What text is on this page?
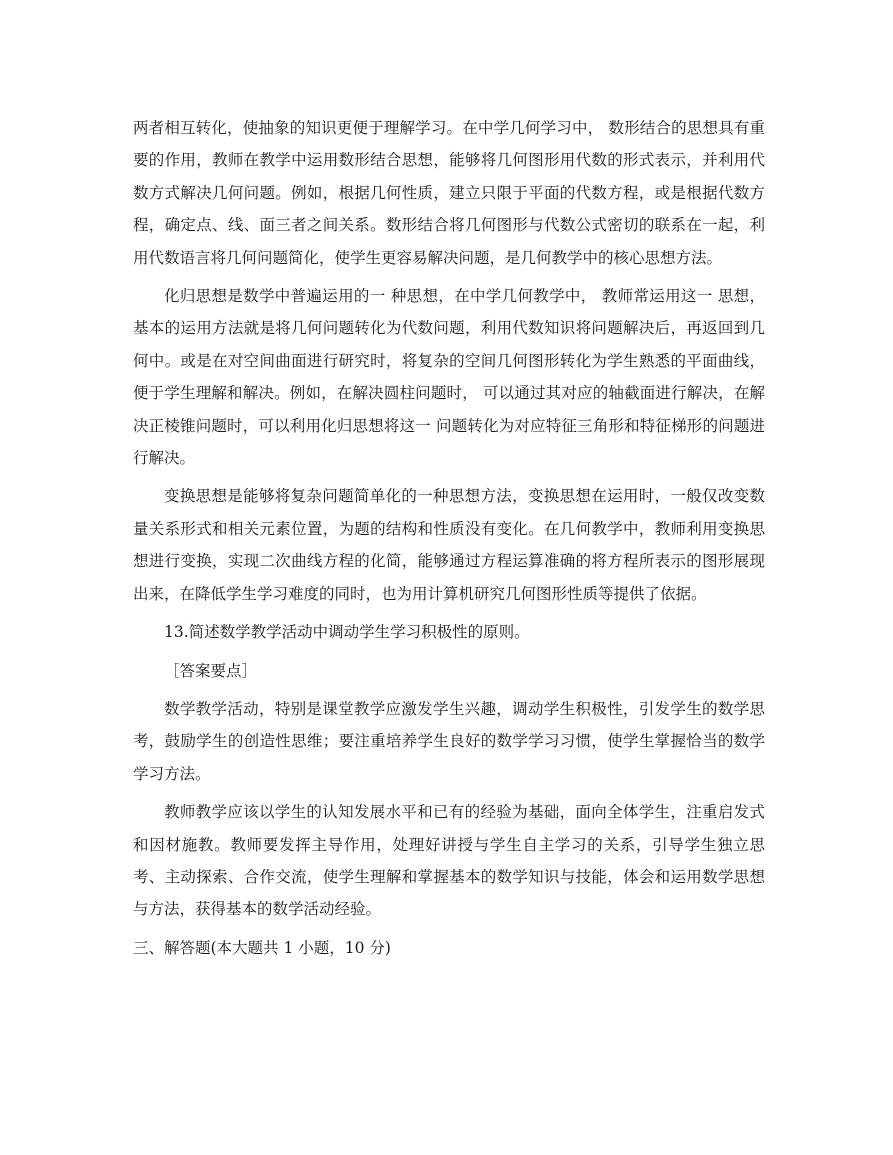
两者相互转化，使抽象的知识更便于理解学习。在中学几何学习中， 数形结合的思想具有重要的作用，教师在教学中运用数形结合思想，能够将几何图形用代数的形式表示，并利用代数方式解决几何问题。例如，根据几何性质，建立只限于平面的代数方程，或是根据代数方程，确定点、线、面三者之间关系。数形结合将几何图形与代数公式密切的联系在一起，利用代数语言将几何问题简化，使学生更容易解决问题，是几何教学中的核心思想方法。

化归思想是数学中普遍运用的一 种思想，在中学几何教学中， 教师常运用这一 思想，基本的运用方法就是将几何问题转化为代数问题，利用代数知识将问题解决后，再返回到几何中。或是在对空间曲面进行研究时，将复杂的空间几何图形转化为学生熟悉的平面曲线， 便于学生理解和解决。例如，在解决圆柱问题时， 可以通过其对应的轴截面进行解决，在解决正棱锥问题时，可以利用化归思想将这一 问题转化为对应特征三角形和特征梯形的问题进行解决。

变换思想是能够将复杂问题简单化的一种思想方法，变换思想在运用时，一般仅改变数量关系形式和相关元素位置，为题的结构和性质没有变化。在几何教学中，教师利用变换思想进行变换，实现二次曲线方程的化简，能够通过方程运算准确的将方程所表示的图形展现出来，在降低学生学习难度的同时，也为用计算机研究几何图形性质等提供了依据。

13.简述数学教学活动中调动学生学习积极性的原则。

［答案要点］

数学教学活动，特别是课堂教学应激发学生兴趣，调动学生积极性，引发学生的数学思考，鼓励学生的创造性思维；要注重培养学生良好的数学学习习惯，使学生掌握恰当的数学学习方法。

教师教学应该以学生的认知发展水平和已有的经验为基础，面向全体学生，注重启发式和因材施教。教师要发挥主导作用，处理好讲授与学生自主学习的关系，引导学生独立思考、主动探索、合作交流，使学生理解和掌握基本的数学知识与技能，体会和运用数学思想与方法，获得基本的数学活动经验。

三、解答题(本大题共 1 小题，10 分)
